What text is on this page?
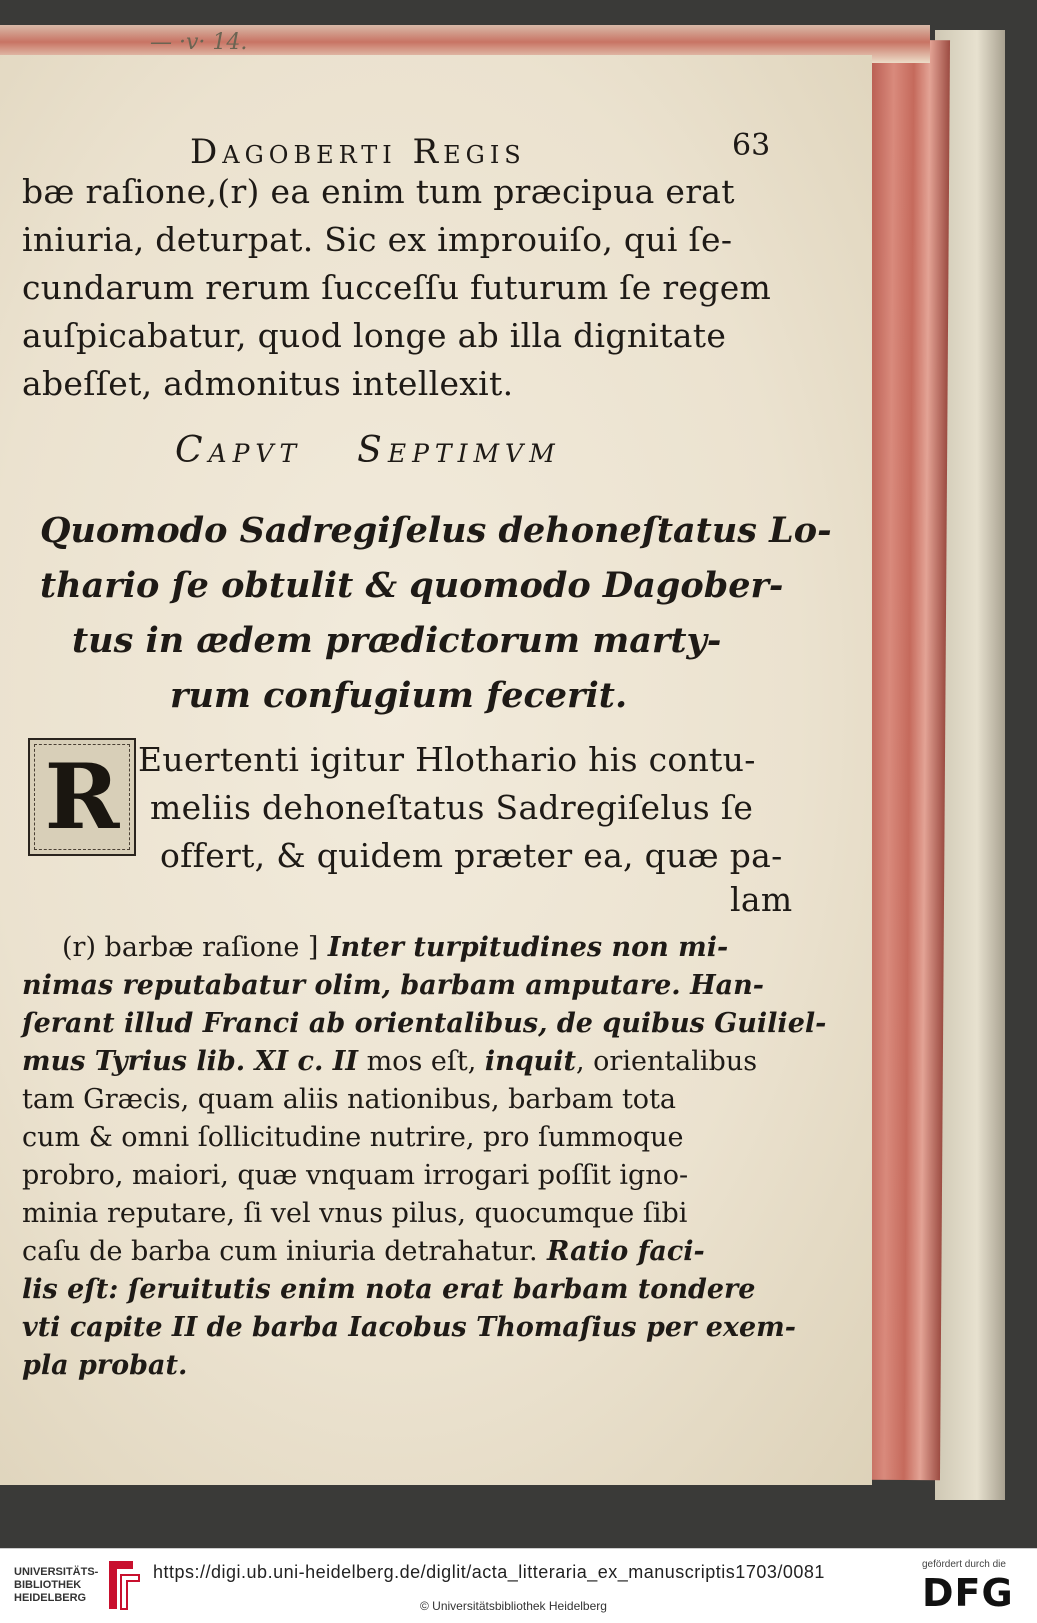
— ·v· 14.
Dagoberti Regis	63
bæ raſione,(r) ea enim tum præcipua erat
iniuria, deturpat. Sic ex improuiſo, qui ſe-
cundarum rerum ſucceſſu futurum ſe regem
auſpicabatur, quod longe ab illa dignitate
abeſſet, admonitus intellexit.
Capvt Septimvm
Quomodo Sadregiſelus dehoneſtatus Lo-
thario ſe obtulit & quomodo Dagober-
tus in ædem prædictorum marty-
rum confugium fecerit.
R Euertenti igitur Hlothario his contu-
meliis dehoneſtatus Sadregiſelus ſe
offert, & quidem præter ea, quæ pa-
lam
(r) barbæ raſione ] Inter turpitudines non mi-
nimas reputabatur olim, barbam amputare. Han-
ſerant illud Franci ab orientalibus, de quibus Guiliel-
mus Tyrius lib. XI c. II mos eſt, inquit, orientalibus
tam Græcis, quam aliis nationibus, barbam tota
cum & omni ſollicitudine nutrire, pro ſummoque
probro, maiori, quæ vnquam irrogari poſſit igno-
minia reputare, ſi vel vnus pilus, quocumque ſibi
caſu de barba cum iniuria detrahatur. Ratio faci-
lis eſt: ſeruitutis enim nota erat barbam tondere
vti capite II de barba Iacobus Thomaſius per exem-
pla probat.
UNIVERSITÄTS-
BIBLIOTHEK
HEIDELBERG
https://digi.ub.uni-heidelberg.de/diglit/acta_litteraria_ex_manuscriptis1703/0081
© Universitätsbibliothek Heidelberg
gefördert durch die
DFG
